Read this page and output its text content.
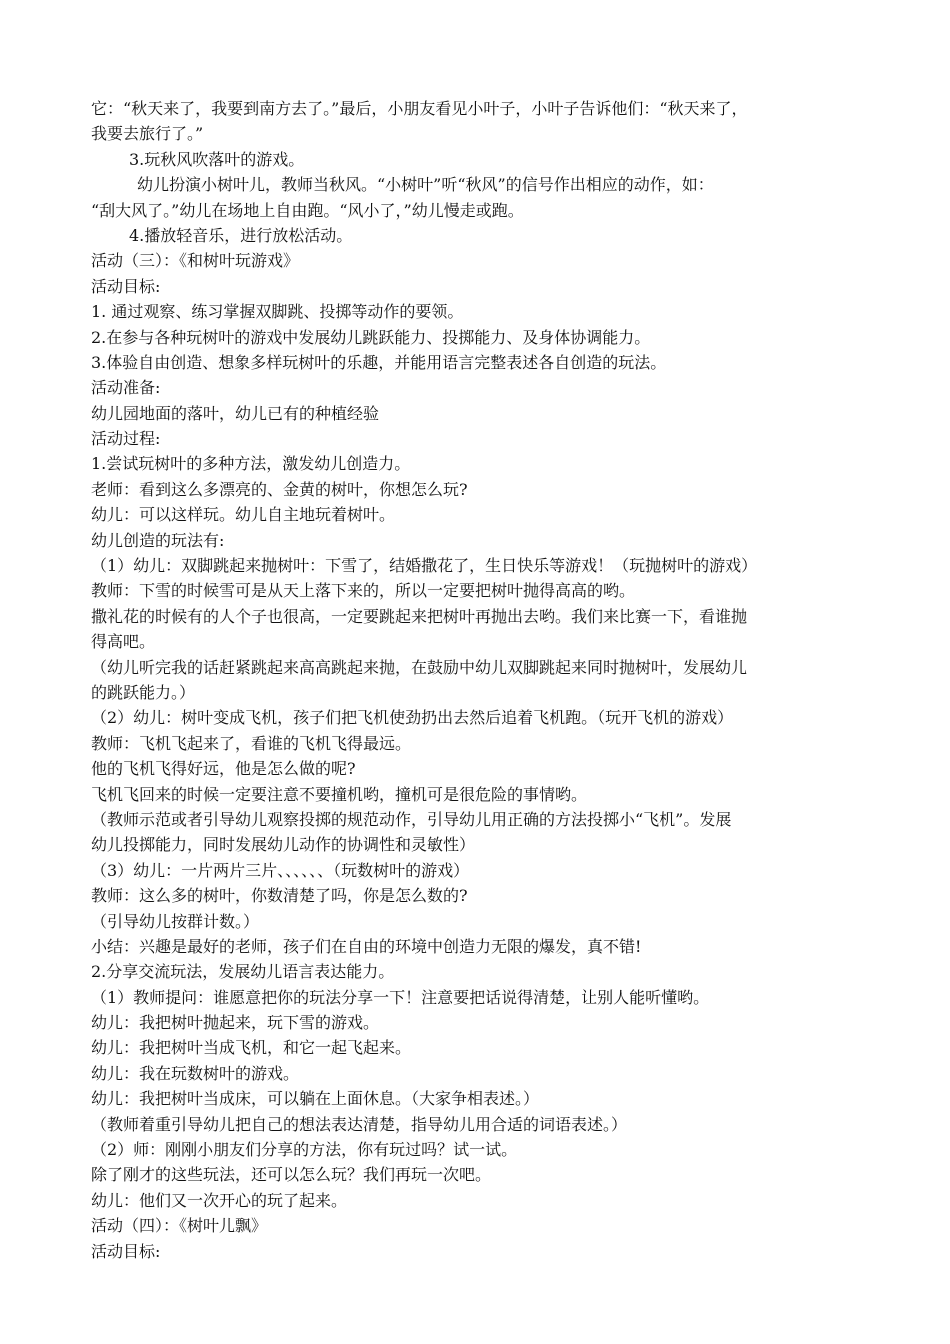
它：“秋天来了，我要到南方去了。”最后，小朋友看见小叶子，小叶子告诉他们：“秋天来了，
我要去旅行了。”
3.玩秋风吹落叶的游戏。
幼儿扮演小树叶儿，教师当秋风。“小树叶”听“秋风”的信号作出相应的动作，如：
“刮大风了。”幼儿在场地上自由跑。“风小了，”幼儿慢走或跑。
4.播放轻音乐，进行放松活动。
活动（三）：《和树叶玩游戏》
活动目标:
1. 通过观察、练习掌握双脚跳、投掷等动作的要领。
2.在参与各种玩树叶的游戏中发展幼儿跳跃能力、投掷能力、及身体协调能力。
3.体验自由创造、想象多样玩树叶的乐趣，并能用语言完整表述各自创造的玩法。
活动准备:
幼儿园地面的落叶，幼儿已有的种植经验
活动过程:
1.尝试玩树叶的多种方法，激发幼儿创造力。
老师：看到这么多漂亮的、金黄的树叶，你想怎么玩?
幼儿：可以这样玩。幼儿自主地玩着树叶。
幼儿创造的玩法有:
（1）幼儿：双脚跳起来抛树叶：下雪了，结婚撒花了，生日快乐等游戏！（玩抛树叶的游戏）
教师：下雪的时候雪可是从天上落下来的，所以一定要把树叶抛得高高的哟。
撒礼花的时候有的人个子也很高，一定要跳起来把树叶再抛出去哟。我们来比赛一下，看谁抛
得高吧。
（幼儿听完我的话赶紧跳起来高高跳起来抛，在鼓励中幼儿双脚跳起来同时抛树叶，发展幼儿
的跳跃能力。）
（2）幼儿：树叶变成飞机，孩子们把飞机使劲扔出去然后追着飞机跑。（玩开飞机的游戏）
教师：飞机飞起来了，看谁的飞机飞得最远。
他的飞机飞得好远，他是怎么做的呢?
飞机飞回来的时候一定要注意不要撞机哟，撞机可是很危险的事情哟。
（教师示范或者引导幼儿观察投掷的规范动作，引导幼儿用正确的方法投掷小“飞机”。发展
幼儿投掷能力，同时发展幼儿动作的协调性和灵敏性）
（3）幼儿：一片两片三片、、、、、、（玩数树叶的游戏）
教师：这么多的树叶，你数清楚了吗，你是怎么数的?
（引导幼儿按群计数。）
小结：兴趣是最好的老师，孩子们在自由的环境中创造力无限的爆发，真不错!
2.分享交流玩法，发展幼儿语言表达能力。
（1）教师提问：谁愿意把你的玩法分享一下！注意要把话说得清楚，让别人能听懂哟。
幼儿：我把树叶抛起来，玩下雪的游戏。
幼儿：我把树叶当成飞机，和它一起飞起来。
幼儿：我在玩数树叶的游戏。
幼儿：我把树叶当成床，可以躺在上面休息。（大家争相表述。）
（教师着重引导幼儿把自己的想法表达清楚，指导幼儿用合适的词语表述。）
（2）师：刚刚小朋友们分享的方法，你有玩过吗？试一试。
除了刚才的这些玩法，还可以怎么玩？我们再玩一次吧。
幼儿：他们又一次开心的玩了起来。
活动（四）：《树叶儿飘》
活动目标:
